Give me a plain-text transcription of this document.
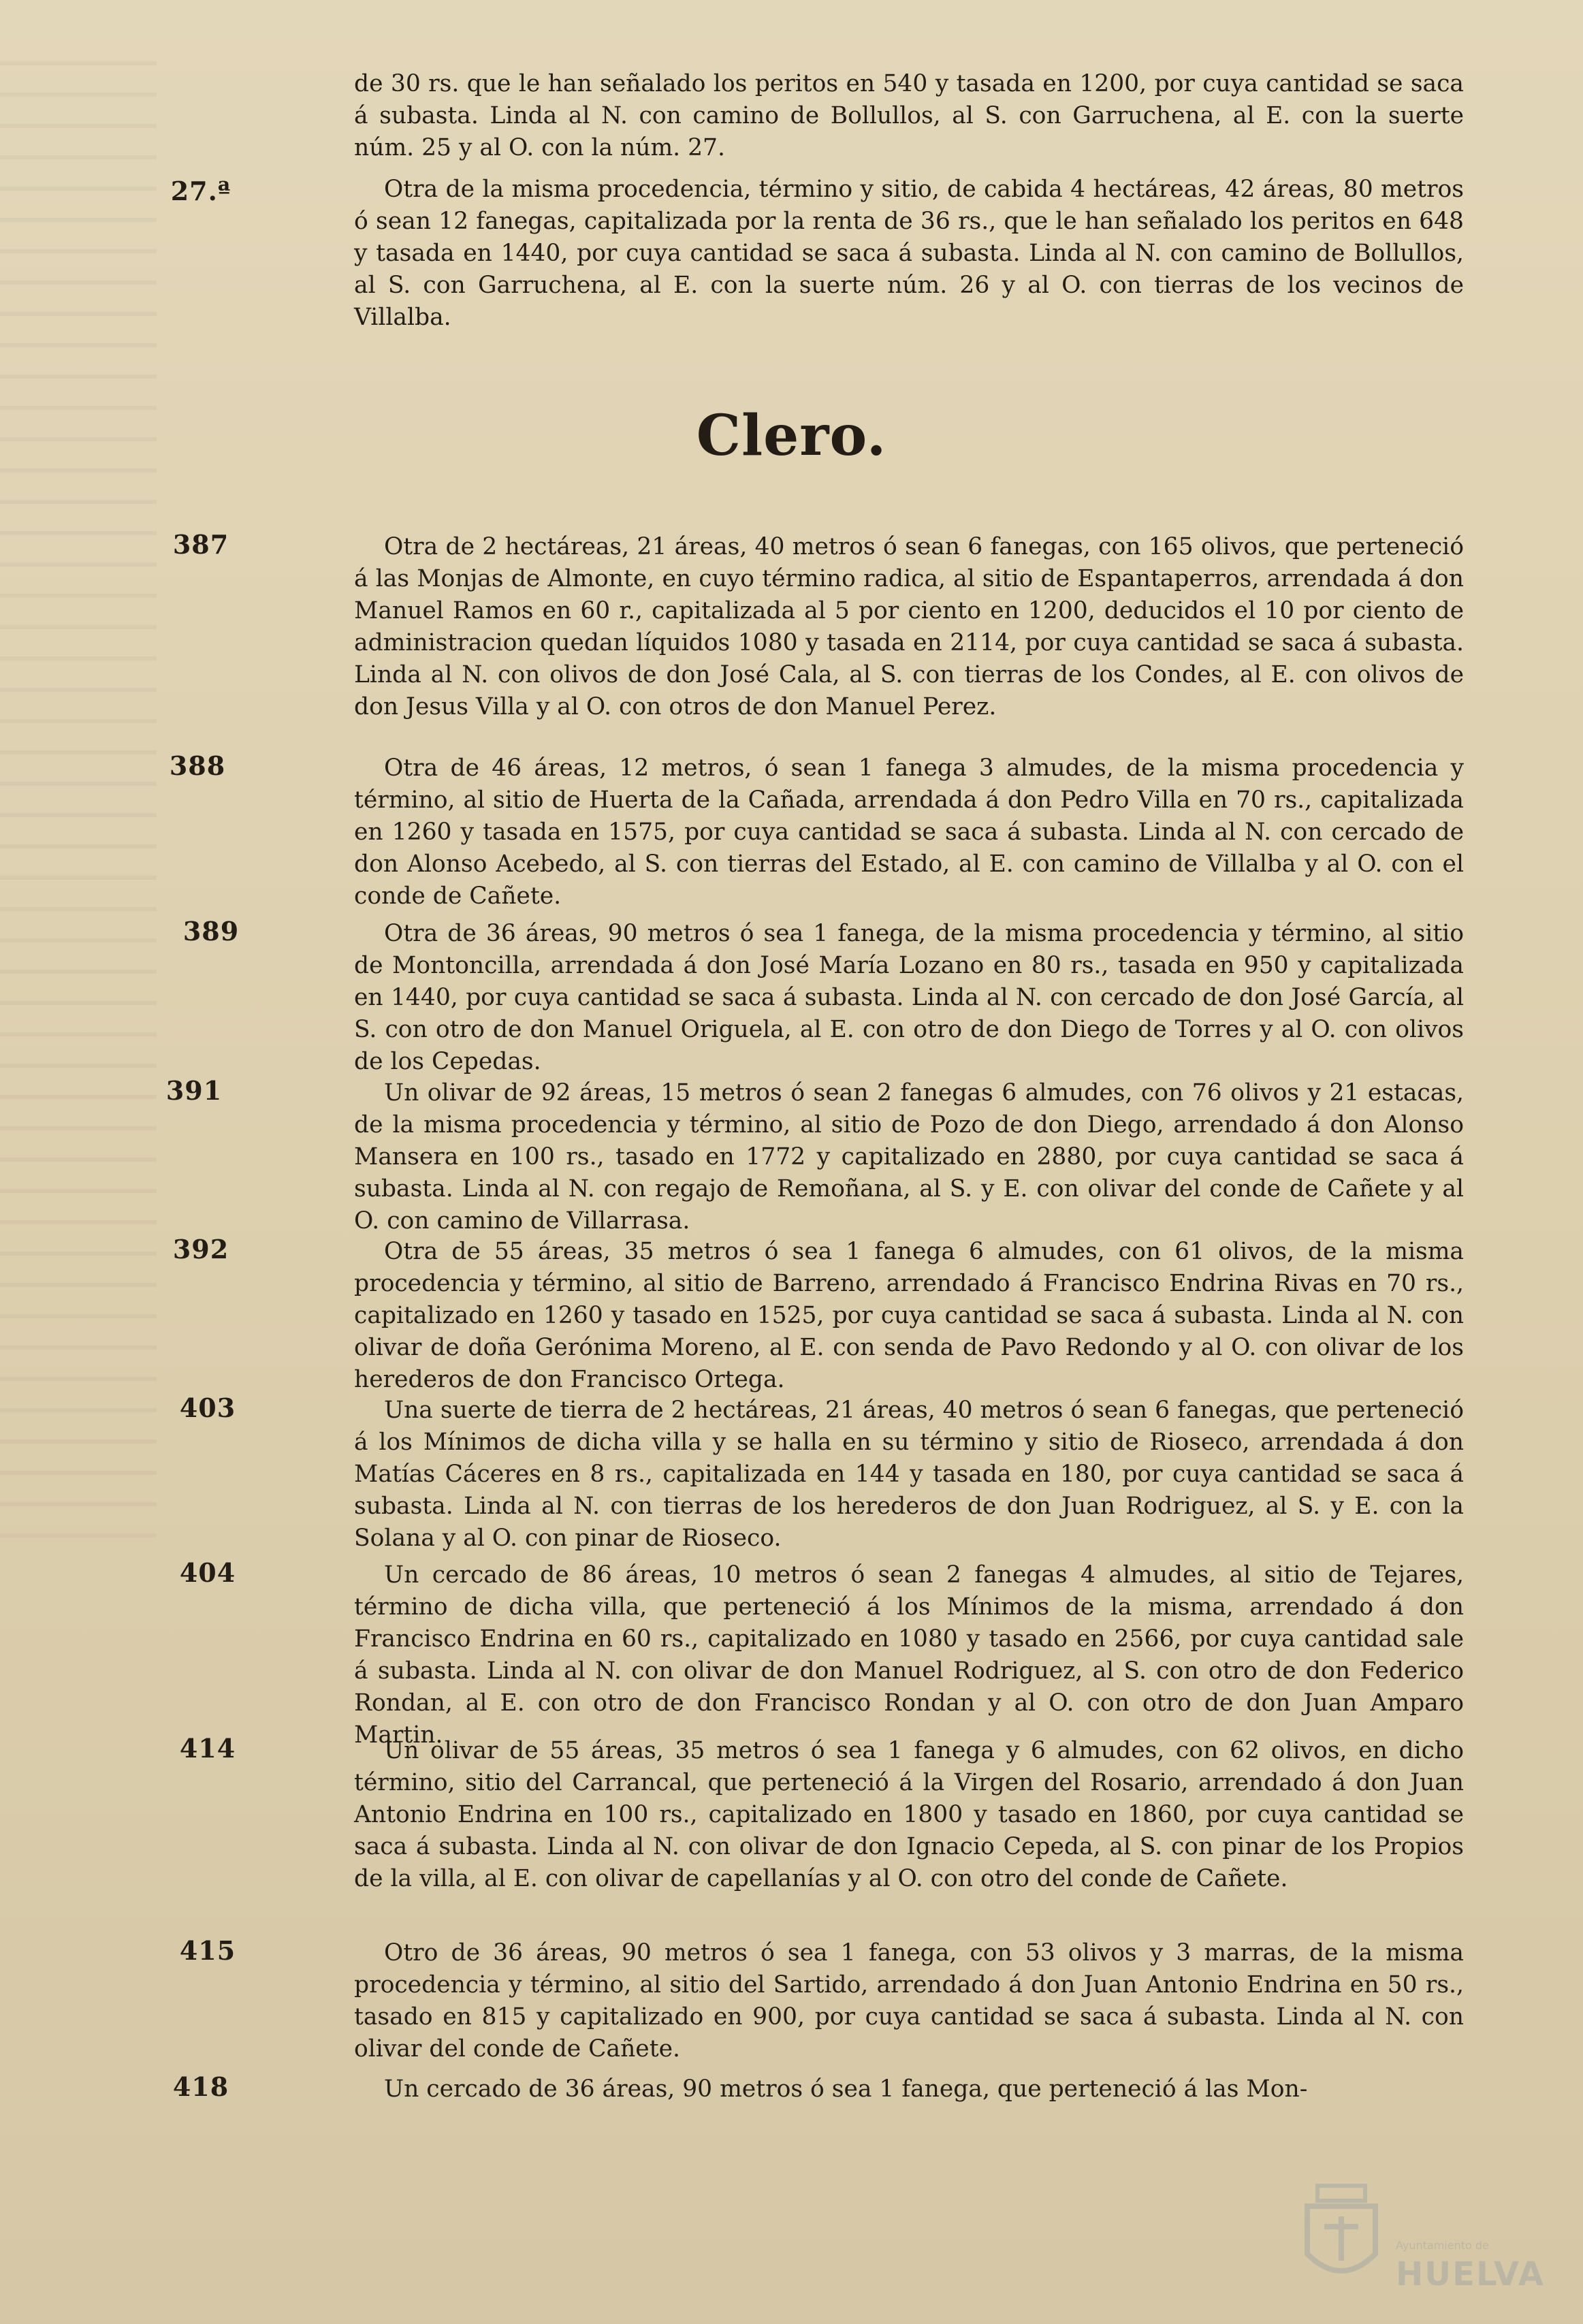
de 30 rs. que le han señalado los peritos en 540 y tasada en 1200, por cuya cantidad se saca á subasta. Linda al N. con camino de Bollullos, al S. con Garruchena, al E. con la suerte núm. 25 y al O. con la núm. 27.
27.ª	Otra de la misma procedencia, término y sitio, de cabida 4 hectáreas, 42 áreas, 80 metros ó sean 12 fanegas, capitalizada por la renta de 36 rs., que le han señalado los peritos en 648 y tasada en 1440, por cuya cantidad se saca á subasta. Linda al N. con camino de Bollullos, al S. con Garruchena, al E. con la suerte núm. 26 y al O. con tierras de los vecinos de Villalba.
Clero.
387	Otra de 2 hectáreas, 21 áreas, 40 metros ó sean 6 fanegas, con 165 olivos, que perteneció á las Monjas de Almonte, en cuyo término radica, al sitio de Espantaperros, arrendada á don Manuel Ramos en 60 r., capitalizada al 5 por ciento en 1200, deducidos el 10 por ciento de administracion quedan líquidos 1080 y tasada en 2114, por cuya cantidad se saca á subasta. Linda al N. con olivos de don José Cala, al S. con tierras de los Condes, al E. con olivos de don Jesus Villa y al O. con otros de don Manuel Perez.
388	Otra de 46 áreas, 12 metros, ó sean 1 fanega 3 almudes, de la misma procedencia y término, al sitio de Huerta de la Cañada, arrendada á don Pedro Villa en 70 rs., capitalizada en 1260 y tasada en 1575, por cuya cantidad se saca á subasta. Linda al N. con cercado de don Alonso Acebedo, al S. con tierras del Estado, al E. con camino de Villalba y al O. con el conde de Cañete.
389	Otra de 36 áreas, 90 metros ó sea 1 fanega, de la misma procedencia y término, al sitio de Montoncilla, arrendada á don José María Lozano en 80 rs., tasada en 950 y capitalizada en 1440, por cuya cantidad se saca á subasta. Linda al N. con cercado de don José García, al S. con otro de don Manuel Origuela, al E. con otro de don Diego de Torres y al O. con olivos de los Cepedas.
391	Un olivar de 92 áreas, 15 metros ó sean 2 fanegas 6 almudes, con 76 olivos y 21 estacas, de la misma procedencia y término, al sitio de Pozo de don Diego, arrendado á don Alonso Mansera en 100 rs., tasado en 1772 y capitalizado en 2880, por cuya cantidad se saca á subasta. Linda al N. con regajo de Remoñana, al S. y E. con olivar del conde de Cañete y al O. con camino de Villarrasa.
392	Otra de 55 áreas, 35 metros ó sea 1 fanega 6 almudes, con 61 olivos, de la misma procedencia y término, al sitio de Barreno, arrendado á Francisco Endrina Rivas en 70 rs., capitalizado en 1260 y tasado en 1525, por cuya cantidad se saca á subasta. Linda al N. con olivar de doña Gerónima Moreno, al E. con senda de Pavo Redondo y al O. con olivar de los herederos de don Francisco Ortega.
403	Una suerte de tierra de 2 hectáreas, 21 áreas, 40 metros ó sean 6 fanegas, que perteneció á los Mínimos de dicha villa y se halla en su término y sitio de Rioseco, arrendada á don Matías Cáceres en 8 rs., capitalizada en 144 y tasada en 180, por cuya cantidad se saca á subasta. Linda al N. con tierras de los herederos de don Juan Rodriguez, al S. y E. con la Solana y al O. con pinar de Rioseco.
404	Un cercado de 86 áreas, 10 metros ó sean 2 fanegas 4 almudes, al sitio de Tejares, término de dicha villa, que perteneció á los Mínimos de la misma, arrendado á don Francisco Endrina en 60 rs., capitalizado en 1080 y tasado en 2566, por cuya cantidad sale á subasta. Linda al N. con olivar de don Manuel Rodriguez, al S. con otro de don Federico Rondan, al E. con otro de don Francisco Rondan y al O. con otro de don Juan Amparo Martin.
414	Un olivar de 55 áreas, 35 metros ó sea 1 fanega y 6 almudes, con 62 olivos, en dicho término, sitio del Carrancal, que perteneció á la Virgen del Rosario, arrendado á don Juan Antonio Endrina en 100 rs., capitalizado en 1800 y tasado en 1860, por cuya cantidad se saca á subasta. Linda al N. con olivar de don Ignacio Cepeda, al S. con pinar de los Propios de la villa, al E. con olivar de capellanías y al O. con otro del conde de Cañete.
415	Otro de 36 áreas, 90 metros ó sea 1 fanega, con 53 olivos y 3 marras, de la misma procedencia y término, al sitio del Sartido, arrendado á don Juan Antonio Endrina en 50 rs., tasado en 815 y capitalizado en 900, por cuya cantidad se saca á subasta. Linda al N. con olivar del conde de Cañete.
418	Un cercado de 36 áreas, 90 metros ó sea 1 fanega, que perteneció á las Mon-
Ayuntamiento de
HUELVA
